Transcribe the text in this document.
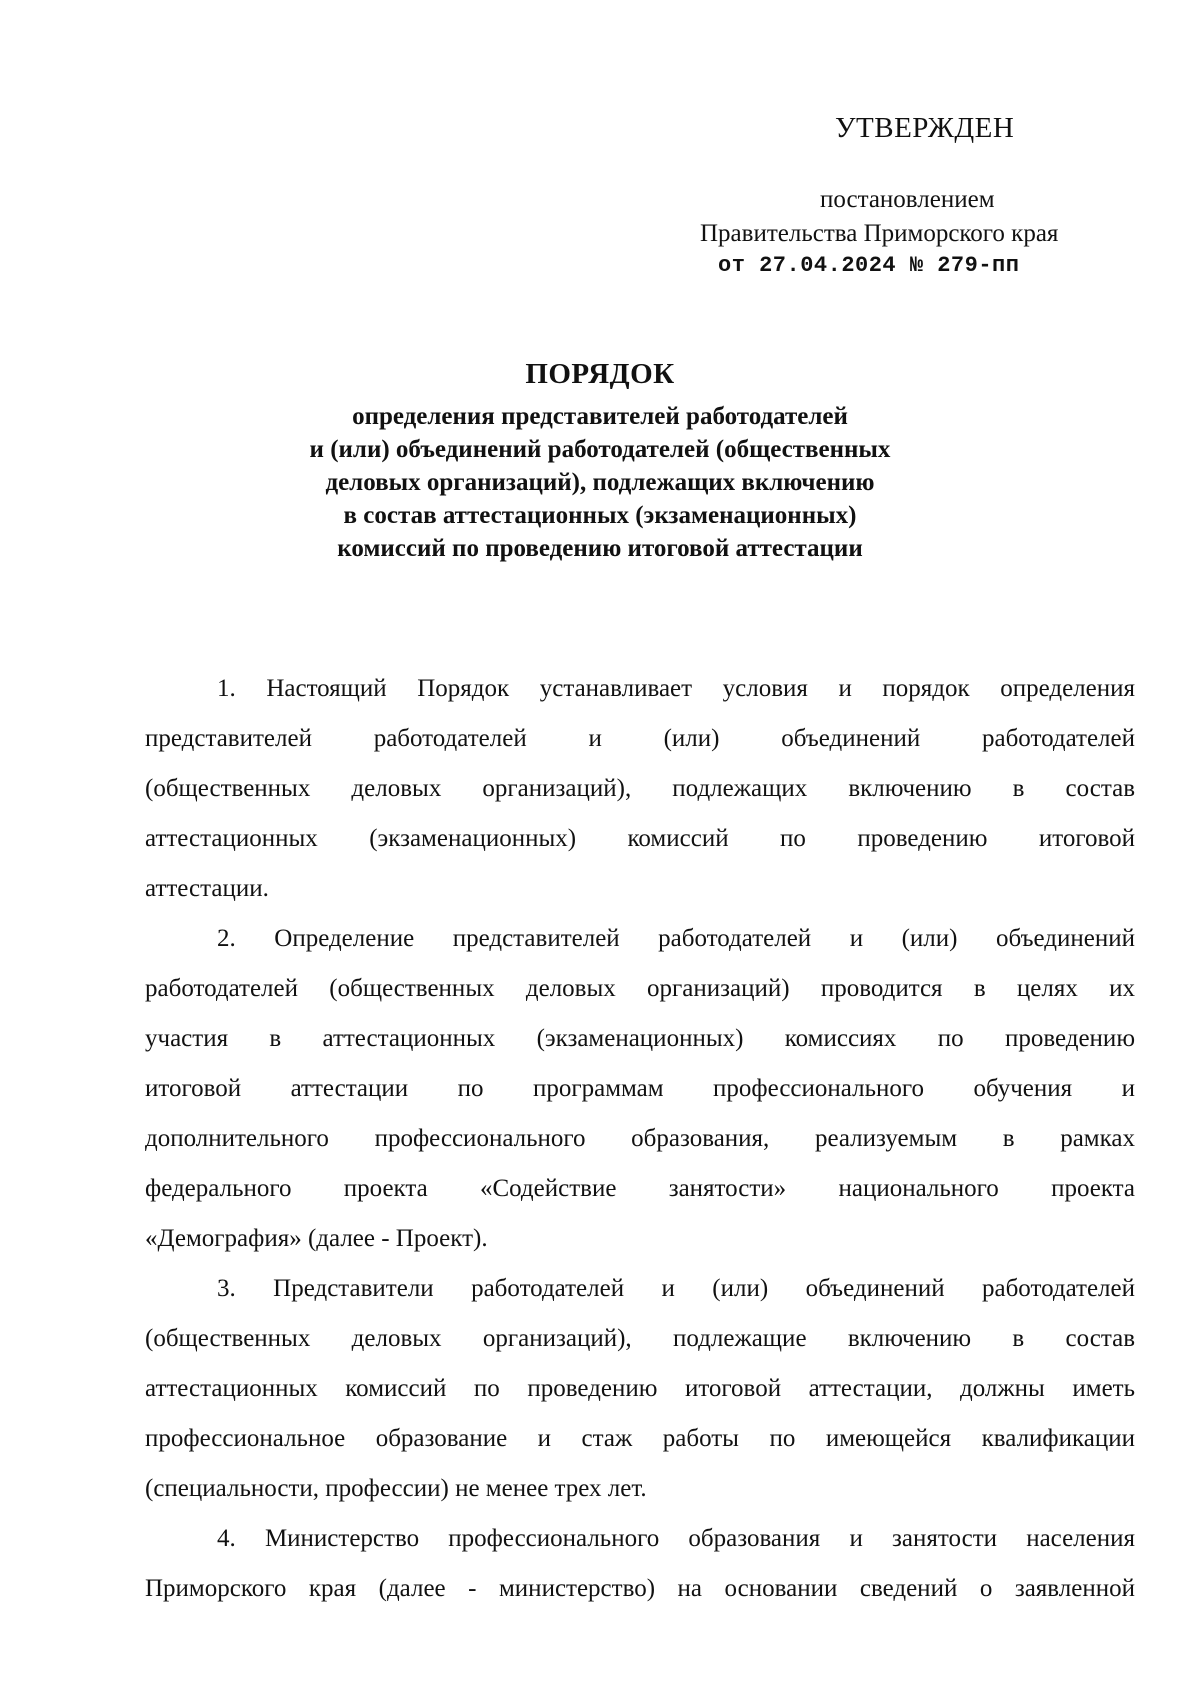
УТВЕРЖДЕН
постановлением
Правительства Приморского края
от 27.04.2024 № 279-пп
ПОРЯДОК
определения представителей работодателей
и (или) объединений работодателей (общественных
деловых организаций), подлежащих включению
в состав аттестационных (экзаменационных)
комиссий по проведению итоговой аттестации
1. Настоящий Порядок устанавливает условия и порядок определения
представителей работодателей и (или) объединений работодателей
(общественных деловых организаций), подлежащих включению в состав
аттестационных (экзаменационных) комиссий по проведению итоговой
аттестации.
2. Определение представителей работодателей и (или) объединений
работодателей (общественных деловых организаций) проводится в целях их
участия в аттестационных (экзаменационных) комиссиях по проведению
итоговой аттестации по программам профессионального обучения и
дополнительного профессионального образования, реализуемым в рамках
федерального проекта «Содействие занятости» национального проекта
«Демография» (далее - Проект).
3. Представители работодателей и (или) объединений работодателей
(общественных деловых организаций), подлежащие включению в состав
аттестационных комиссий по проведению итоговой аттестации, должны иметь
профессиональное образование и стаж работы по имеющейся квалификации
(специальности, профессии) не менее трех лет.
4. Министерство профессионального образования и занятости населения
Приморского края (далее - министерство) на основании сведений о заявленной
